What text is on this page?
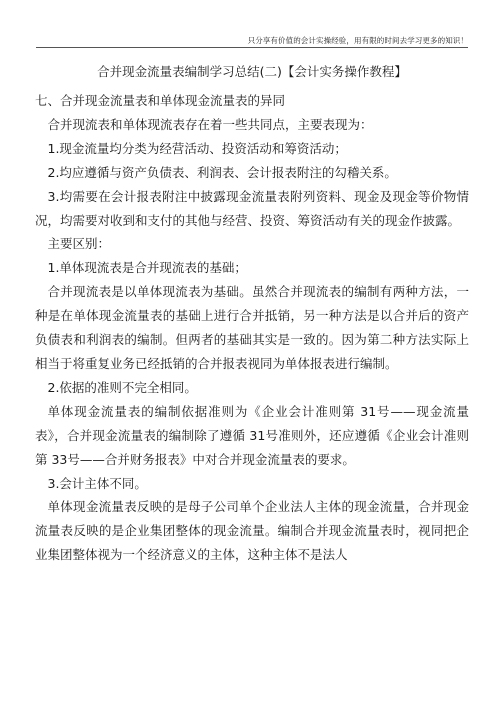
只分享有价值的会计实操经验，用有限的时间去学习更多的知识！
合并现金流量表编制学习总结(二)【会计实务操作教程】

七、合并现金流量表和单体现金流量表的异同

合并现流表和单体现流表存在着一些共同点，主要表现为：

1.现金流量均分类为经营活动、投资活动和筹资活动；

2.均应遵循与资产负债表、利润表、会计报表附注的勾稽关系。

3.均需要在会计报表附注中披露现金流量表附列资料、现金及现金等价物情况，均需要对收到和支付的其他与经营、投资、筹资活动有关的现金作披露。

主要区别：

1.单体现流表是合并现流表的基础；

合并现流表是以单体现流表为基础。虽然合并现流表的编制有两种方法，一种是在单体现金流量表的基础上进行合并抵销，另一种方法是以合并后的资产负债表和利润表的编制。但两者的基础其实是一致的。因为第二种方法实际上相当于将重复业务已经抵销的合并报表视同为单体报表进行编制。

2.依据的准则不完全相同。

单体现金流量表的编制依据准则为《企业会计准则第 31号——现金流量表》，合并现金流量表的编制除了遵循 31号准则外，还应遵循《企业会计准则第 33号——合并财务报表》中对合并现金流量表的要求。

3.会计主体不同。

单体现金流量表反映的是母子公司单个企业法人主体的现金流量，合并现金流量表反映的是企业集团整体的现金流量。编制合并现金流量表时，视同把企业集团整体视为一个经济意义的主体，这种主体不是法人
